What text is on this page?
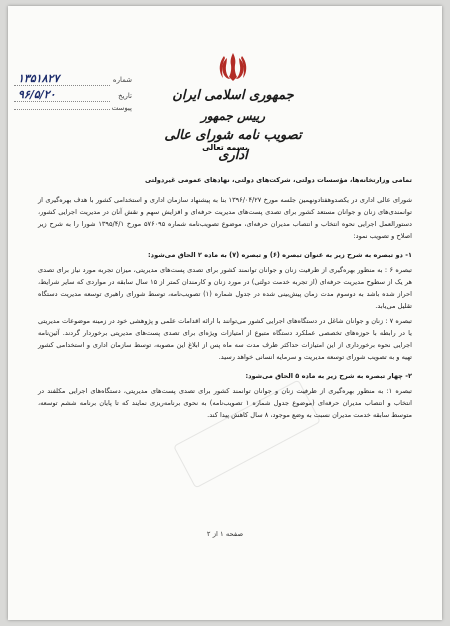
جمهوری اسلامی ایران
رییس جمهور
تصویب نامه شورای عالی اداری
شماره
۱۳۵۱۸۲۷
تاریخ
۹۶/۵/۲۰
پیوست
بسمه تعالی

تمامی وزارتخانه‌ها، مؤسسات دولتی، شرکت‌های دولتی، نهادهای عمومی غیردولتی

شورای عالی اداری در یکصدوهفتادونهمین جلسه مورخ ۱۳۹۶/۰۴/۲۷ بنا به پیشنهاد سازمان اداری و استخدامی کشور با هدف بهره‌گیری از توانمندی‌های زنان و جوانان مستعد کشور برای تصدی پست‌های مدیریت حرفه‌ای و افزایش سهم و نقش آنان در مدیریت اجرایی کشور، دستورالعمل اجرایی نحوه انتخاب و انتصاب مدیران حرفه‌ای، موضوع تصویب‌نامه شماره ۵۷۶۰۹۵ مورخ ۱۳۹۵/۴/۱ شورا را به شرح زیر اصلاح و تصویب نمود:

۱- دو تبصره به شرح زیر به عنوان تبصره (۶) و تبصره (۷) به ماده ۲ الحاق می‌شود:

تبصره ۶ : به منظور بهره‌گیری از ظرفیت زنان و جوانان توانمند کشور برای تصدی پست‌های مدیریتی، میزان تجربه مورد نیاز برای تصدی هر یک از سطوح مدیریت حرفه‌ای (از تجربه خدمت دولتی) در مورد زنان و کارمندان کمتر از ۱۵ سال سابقه در مواردی که سایر شرایط، احراز شده باشد به دوسوم مدت زمان پیش‌بینی شده در جدول شماره (۱) تصویب‌نامه، توسط شورای راهبری توسعه مدیریت دستگاه تقلیل می‌یابد.

تبصره ۷ : زنان و جوانان شاغل در دستگاه‌های اجرایی کشور می‌توانند با ارائه اقدامات علمی و پژوهشی خود در زمینه موضوعات مدیریتی یا در رابطه با حوزه‌های تخصصی عملکرد دستگاه متبوع از امتیازات ویژه‌ای برای تصدی پست‌های مدیریتی برخوردار گردند. آئین‌نامه اجرایی نحوه برخورداری از این امتیازات حداکثر ظرف مدت سه ماه پس از ابلاغ این مصوبه، توسط سازمان اداری و استخدامی کشور تهیه و به تصویب شورای توسعه مدیریت و سرمایه انسانی خواهد رسید.

۲- چهار تبصره به شرح زیر به ماده ۵ الحاق می‌شود:

تبصره ۱: به منظور بهره‌گیری از ظرفیت زنان و جوانان توانمند کشور برای تصدی پست‌های مدیریتی، دستگاه‌های اجرایی مکلفند در انتخاب و انتصاب مدیران حرفه‌ای (موضوع جدول شماره ۱ تصویب‌نامه) به نحوی برنامه‌ریزی نمایند که تا پایان برنامه ششم توسعه، متوسط سابقه خدمت مدیران نسبت به وضع موجود، ۸ سال کاهش پیدا کند.

صفحه ۱ از ۲
